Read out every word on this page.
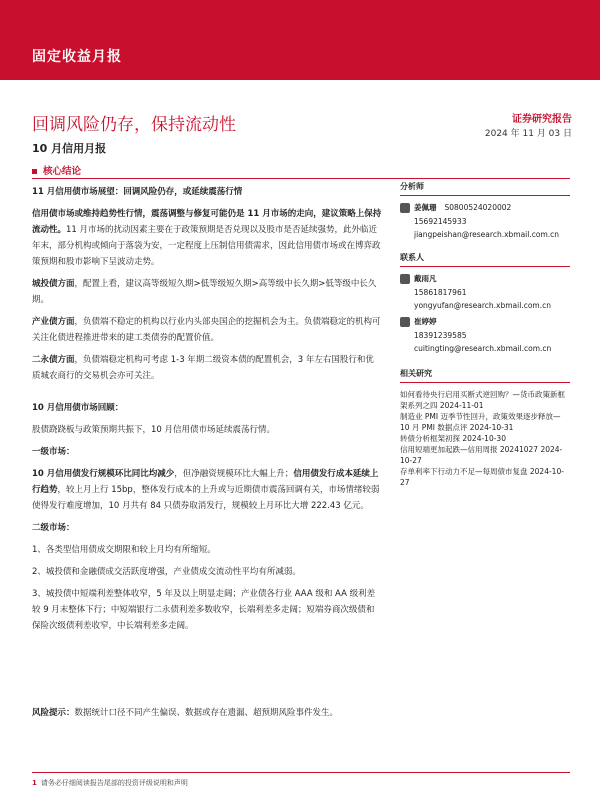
固定收益月报
回调风险仍存，保持流动性
10 月信用月报
证券研究报告
2024 年 11 月 03 日
核心结论

11 月信用债市场展望：回调风险仍存，或延续震荡行情

信用债市场或维持趋势性行情，震荡调整与修复可能仍是 11 月市场的走向，建议策略上保持流动性。11 月市场的扰动因素主要在于政策预期是否兑现以及股市是否延续强势，此外临近年末，部分机构或倾向于落袋为安，一定程度上压制信用债需求，因此信用债市场或在博弈政策预期和股市影响下呈波动走势。

城投债方面，配置上看，建议高等级短久期>低等级短久期>高等级中长久期>低等级中长久期。

产业债方面，负债端不稳定的机构以行业内头部央国企的挖掘机会为主。负债端稳定的机构可关注化债进程推进带来的建工类债券的配置价值。

二永债方面，负债端稳定机构可考虑 1-3 年期二级资本债的配置机会，3 年左右国股行和优质城农商行的交易机会亦可关注。

10 月信用债市场回顾：

股债跷跷板与政策预期共振下，10 月信用债市场延续震荡行情。

一级市场：

10 月信用债发行规模环比同比均减少，但净融资规模环比大幅上升；信用债发行成本延续上行趋势，较上月上行 15bp，整体发行成本的上升或与近期债市震荡回调有关，市场情绪较弱使得发行难度增加，10 月共有 84 只债券取消发行，规模较上月环比大增 222.43 亿元。

二级市场：

1、各类型信用债成交期限和较上月均有所缩短。

2、城投债和金融债成交活跃度增强，产业债成交流动性平均有所减弱。

3、城投债中短端利差整体收窄，5 年及以上明显走阔；产业债各行业 AAA 级和 AA 级利差较 9 月末整体下行；中短端银行二永债利差多数收窄，长端利差多走阔；短端券商次级债和保险次级债利差收窄，中长端利差多走阔。

风险提示：数据统计口径不同产生偏误、数据或存在遗漏、超预期风险事件发生。
分析师
姜佩珊 S0800524020002
15692145933
jiangpeishan@research.xbmail.com.cn
联系人
戴雨凡
15861817961
yongyufan@research.xbmail.com.cn
崔婷婷
18391239585
cuitingting@research.xbmail.com.cn
相关研究
如何看待央行启用买断式逆回购？—货币政策新框架系列之四 2024-11-01
制造业 PMI 迈季节性回升，政策效果逐步释放—10 月 PMI 数据点评 2024-10-31
转债分析框架初探 2024-10-30
信用短端更加起跌—信用周报 20241027 2024-10-27
存单利率下行动力不足—每周债市复盘 2024-10-27
1 请务必仔细阅读报告尾部的投资评级说明和声明
